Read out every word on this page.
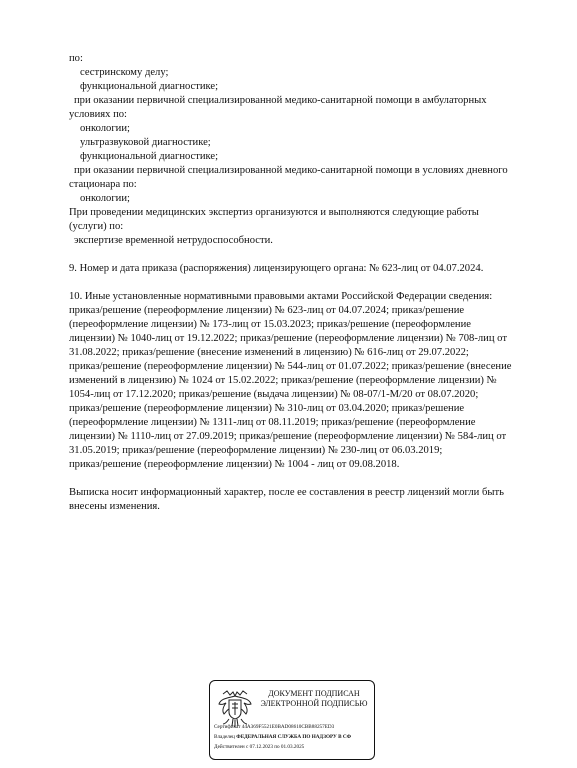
по:
сестринскому делу;
функциональной диагностике;
при оказании первичной специализированной медико-санитарной помощи в амбулаторных
условиях по:
онкологии;
ультразвуковой диагностике;
функциональной диагностике;
при оказании первичной специализированной медико-санитарной помощи в условиях дневного
стационара по:
онкологии;
При проведении медицинских экспертиз организуются и выполняются следующие работы
(услуги) по:
экспертизе временной нетрудоспособности.
9. Номер и дата приказа (распоряжения) лицензирующего органа: № 623-лиц от 04.07.2024.
10. Иные установленные нормативными правовыми актами Российской Федерации сведения:
приказ/решение (переоформление лицензии) № 623-лиц от 04.07.2024; приказ/решение
(переоформление лицензии) № 173-лиц от 15.03.2023; приказ/решение (переоформление
лицензии) № 1040-лиц от 19.12.2022; приказ/решение (переоформление лицензии) № 708-лиц от
31.08.2022; приказ/решение (внесение изменений в лицензию) № 616-лиц от 29.07.2022;
приказ/решение (переоформление лицензии) № 544-лиц от 01.07.2022; приказ/решение (внесение
изменений в лицензию) № 1024 от 15.02.2022; приказ/решение (переоформление лицензии) №
1054-лиц от 17.12.2020; приказ/решение (выдача лицензии) № 08-07/1-М/20 от 08.07.2020;
приказ/решение (переоформление лицензии) № 310-лиц от 03.04.2020; приказ/решение
(переоформление лицензии) № 1311-лиц от 08.11.2019; приказ/решение (переоформление
лицензии) № 1110-лиц от 27.09.2019; приказ/решение (переоформление лицензии) № 584-лиц от
31.05.2019; приказ/решение (переоформление лицензии) № 230-лиц от 06.03.2019;
приказ/решение (переоформление лицензии) № 1004 - лиц от 09.08.2018.
Выписка носит информационный характер, после ее составления в реестр лицензий могли быть
внесены изменения.
ДОКУМЕНТ ПОДПИСАН
ЭЛЕКТРОННОЙ ПОДПИСЬЮ
Сертификат 44A369F5521E0BAD08610CBB88257ED3
Владелец ФЕДЕРАЛЬНАЯ СЛУЖБА ПО НАДЗОРУ В СФ
Действителен с 07.12.2023 по 01.03.2025
